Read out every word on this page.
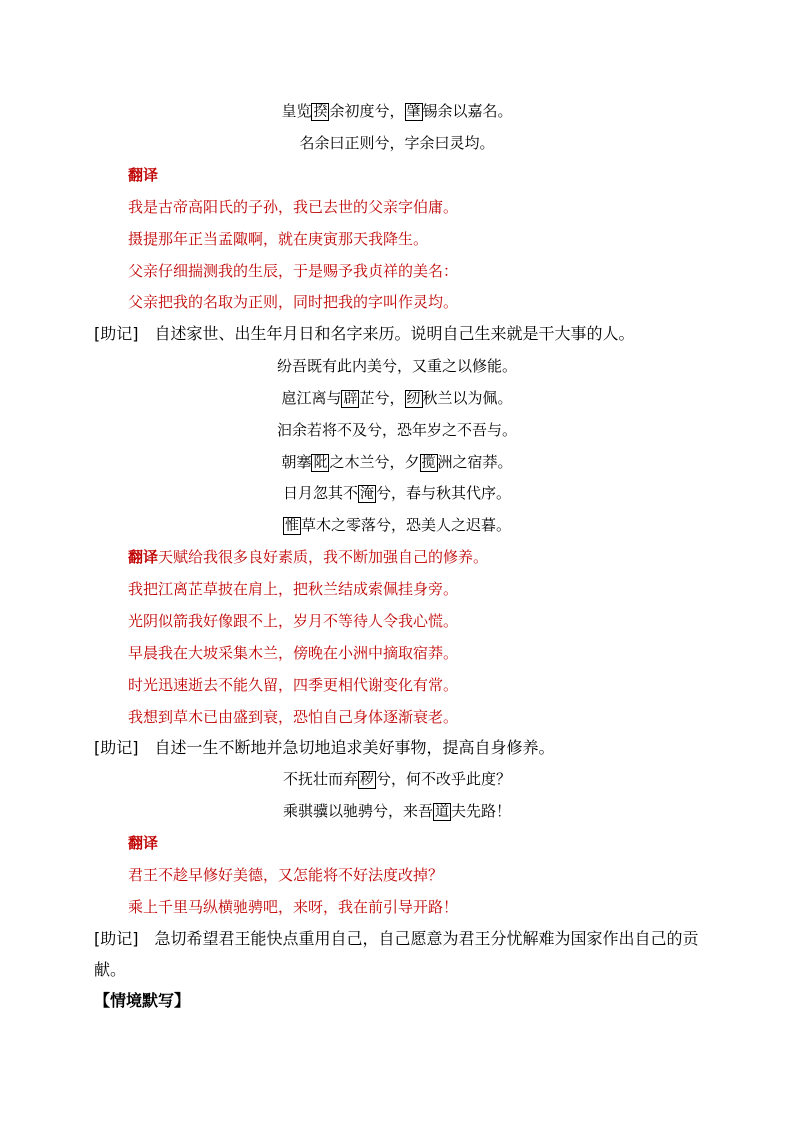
皇览 揆 余初度兮， 肇 锡余以嘉名。
名余曰正则兮，字余曰灵均。
翻译
我是古帝高阳氏的子孙，我已去世的父亲字伯庸。
摄提那年正当孟陬啊，就在庚寅那天我降生。
父亲仔细揣测我的生辰，于是赐予我贞祥的美名：
父亲把我的名取为正则，同时把我的字叫作灵均。
[助记] 自述家世、出生年月日和名字来历。说明自己生来就是干大事的人。
纷吾既有此内美兮，又重之以修能。
扈江离与 辟 芷兮， 纫 秋兰以为佩。
汩余若将不及兮，恐年岁之不吾与。
朝搴 阰 之木兰兮，夕 揽 洲之宿莽。
日月忽其不 淹 兮，春与秋其代序。
惟 草木之零落兮，恐美人之迟暮。
翻译天赋给我很多良好素质，我不断加强自己的修养。
我把江离芷草披在肩上，把秋兰结成索佩挂身旁。
光阴似箭我好像跟不上，岁月不等待人令我心慌。
早晨我在大坡采集木兰，傍晚在小洲中摘取宿莽。
时光迅速逝去不能久留，四季更相代谢变化有常。
我想到草木已由盛到衰，恐怕自己身体逐渐衰老。
[助记] 自述一生不断地并急切地追求美好事物，提高自身修养。
不抚壮而弃 秽 兮，何不改乎此度？
乘骐骥以驰骋兮，来吾 道 夫先路！
翻译
君王不趁早修好美德，又怎能将不好法度改掉？
乘上千里马纵横驰骋吧，来呀，我在前引导开路！
[助记] 急切希望君王能快点重用自己，自己愿意为君王分忧解难为国家作出自己的贡
献。
【情境默写】
